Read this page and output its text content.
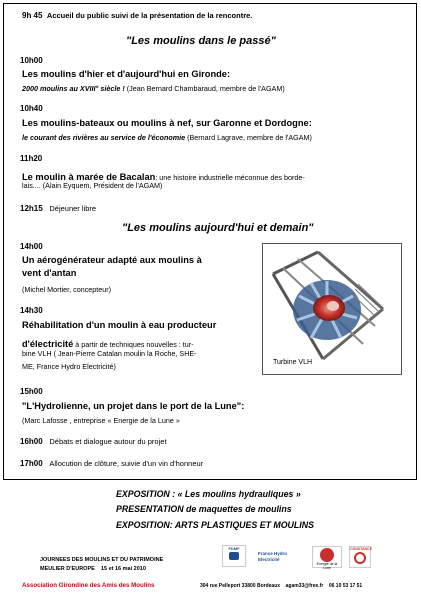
9h 45 Accueil du public suivi de la présentation de la rencontre.
"Les moulins dans le passé"
10h00
Les moulins d'hier et d'aujourd'hui en Gironde:
2000 moulins au XVIII° siècle ! (Jean Bernard Chambaraud, membre de l'AGAM)
10h40
Les moulins-bateaux ou moulins à nef, sur Garonne et Dordogne:
le courant des rivières au service de l'économie (Bernard Lagrave, membre de l'AGAM)
11h20
Le moulin à marée de Bacalan: une histoire industrielle méconnue des borde-
lais.... (Alain Eyquem, Président de l'AGAM)
12h15 Déjeuner libre
"Les moulins aujourd'hui et demain"
14h00
Un aérogénérateur adapté aux moulins à
vent d'antan
(Michel Mortier, concepteur)
14h30
Réhabilitation d'un moulin à eau producteur
d'électricité à partir de techniques nouvelles : tur-
bine VLH ( Jean-Pierre Catalan moulin la Roche, SHE-
ME, France Hydro Electricité)	Turbine VLH
15h00
"L'Hydrolienne, un projet dans le port de la Lune":
(Marc Lafosse , entreprise « Energie de la Lune »
16h00 Débats et dialogue autour du projet
17h00 Allocution de clôture, suivie d'un vin d'honneur
EXPOSITION : « Les moulins hydrauliques »
PRESENTATION de maquettes de moulins
EXPOSITION: ARTS PLASTIQUES ET MOULINS
JOURNEES DES MOULINS ET DU PATRIMOINE
MEULIER D'EUROPE 15 et 16 mai 2010
FDMF
France Hydro Electricité
Energie de la Lune
CONSTANCE
Association Girondine des Amis des Moulins	304 rue Pelleport 33800 Bordeaux agam33@free.fr 06 10 53 17 51
